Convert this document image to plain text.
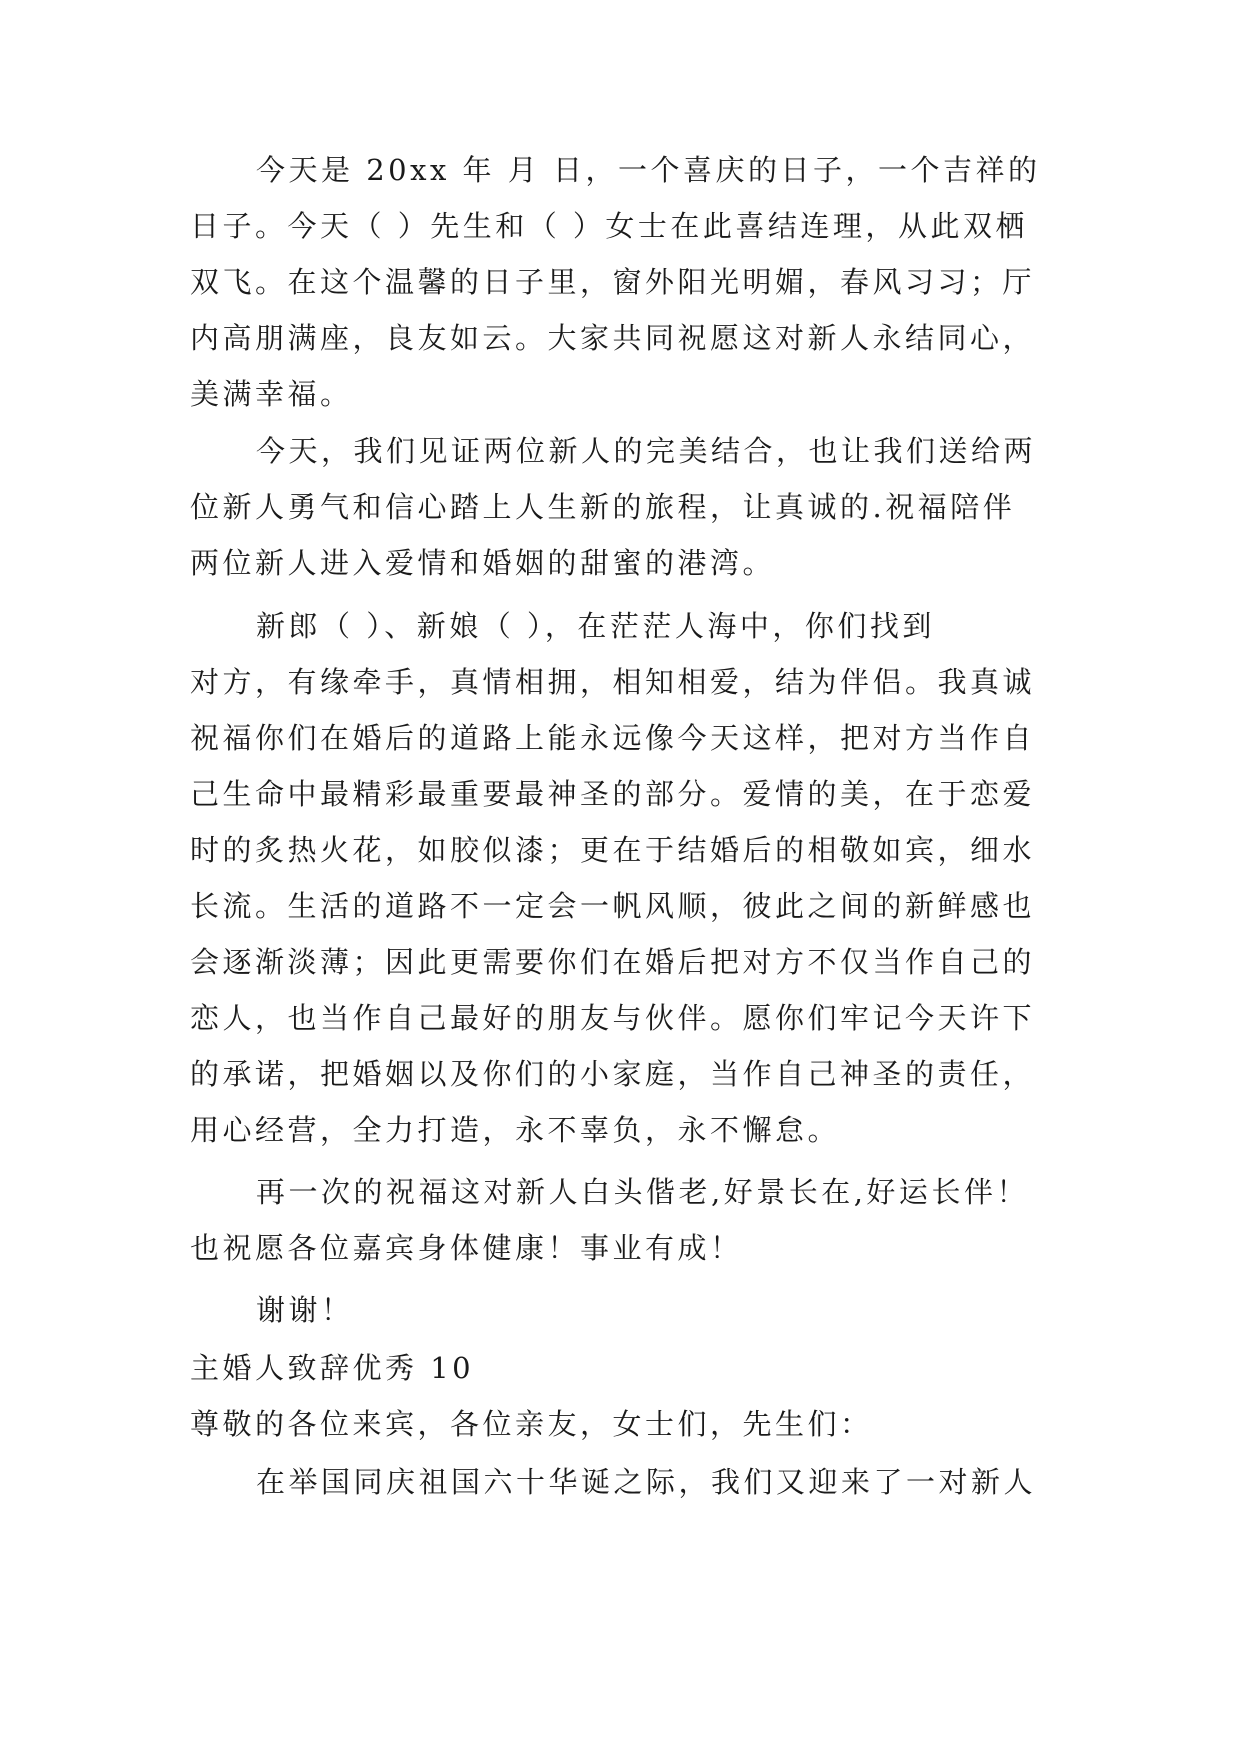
今天是 20xx 年 月 日，一个喜庆的日子，一个吉祥的

日子。今天（ ）先生和（ ）女士在此喜结连理，从此双栖

双飞。在这个温馨的日子里，窗外阳光明媚，春风习习；厅

内高朋满座，良友如云。大家共同祝愿这对新人永结同心，

美满幸福。

今天，我们见证两位新人的完美结合，也让我们送给两

位新人勇气和信心踏上人生新的旅程，让真诚的.祝福陪伴

两位新人进入爱情和婚姻的甜蜜的港湾。

新郎（ ）、新娘（ ），在茫茫人海中，你们找到

对方，有缘牵手，真情相拥，相知相爱，结为伴侣。我真诚

祝福你们在婚后的道路上能永远像今天这样，把对方当作自

己生命中最精彩最重要最神圣的部分。爱情的美，在于恋爱

时的炙热火花，如胶似漆；更在于结婚后的相敬如宾，细水

长流。生活的道路不一定会一帆风顺，彼此之间的新鲜感也

会逐渐淡薄；因此更需要你们在婚后把对方不仅当作自己的

恋人，也当作自己最好的朋友与伙伴。愿你们牢记今天许下

的承诺，把婚姻以及你们的小家庭，当作自己神圣的责任，

用心经营，全力打造，永不辜负，永不懈怠。

再一次的祝福这对新人白头偕老,好景长在,好运长伴！

也祝愿各位嘉宾身体健康！事业有成！

谢谢！

主婚人致辞优秀 10

尊敬的各位来宾，各位亲友，女士们，先生们：

在举国同庆祖国六十华诞之际，我们又迎来了一对新人
